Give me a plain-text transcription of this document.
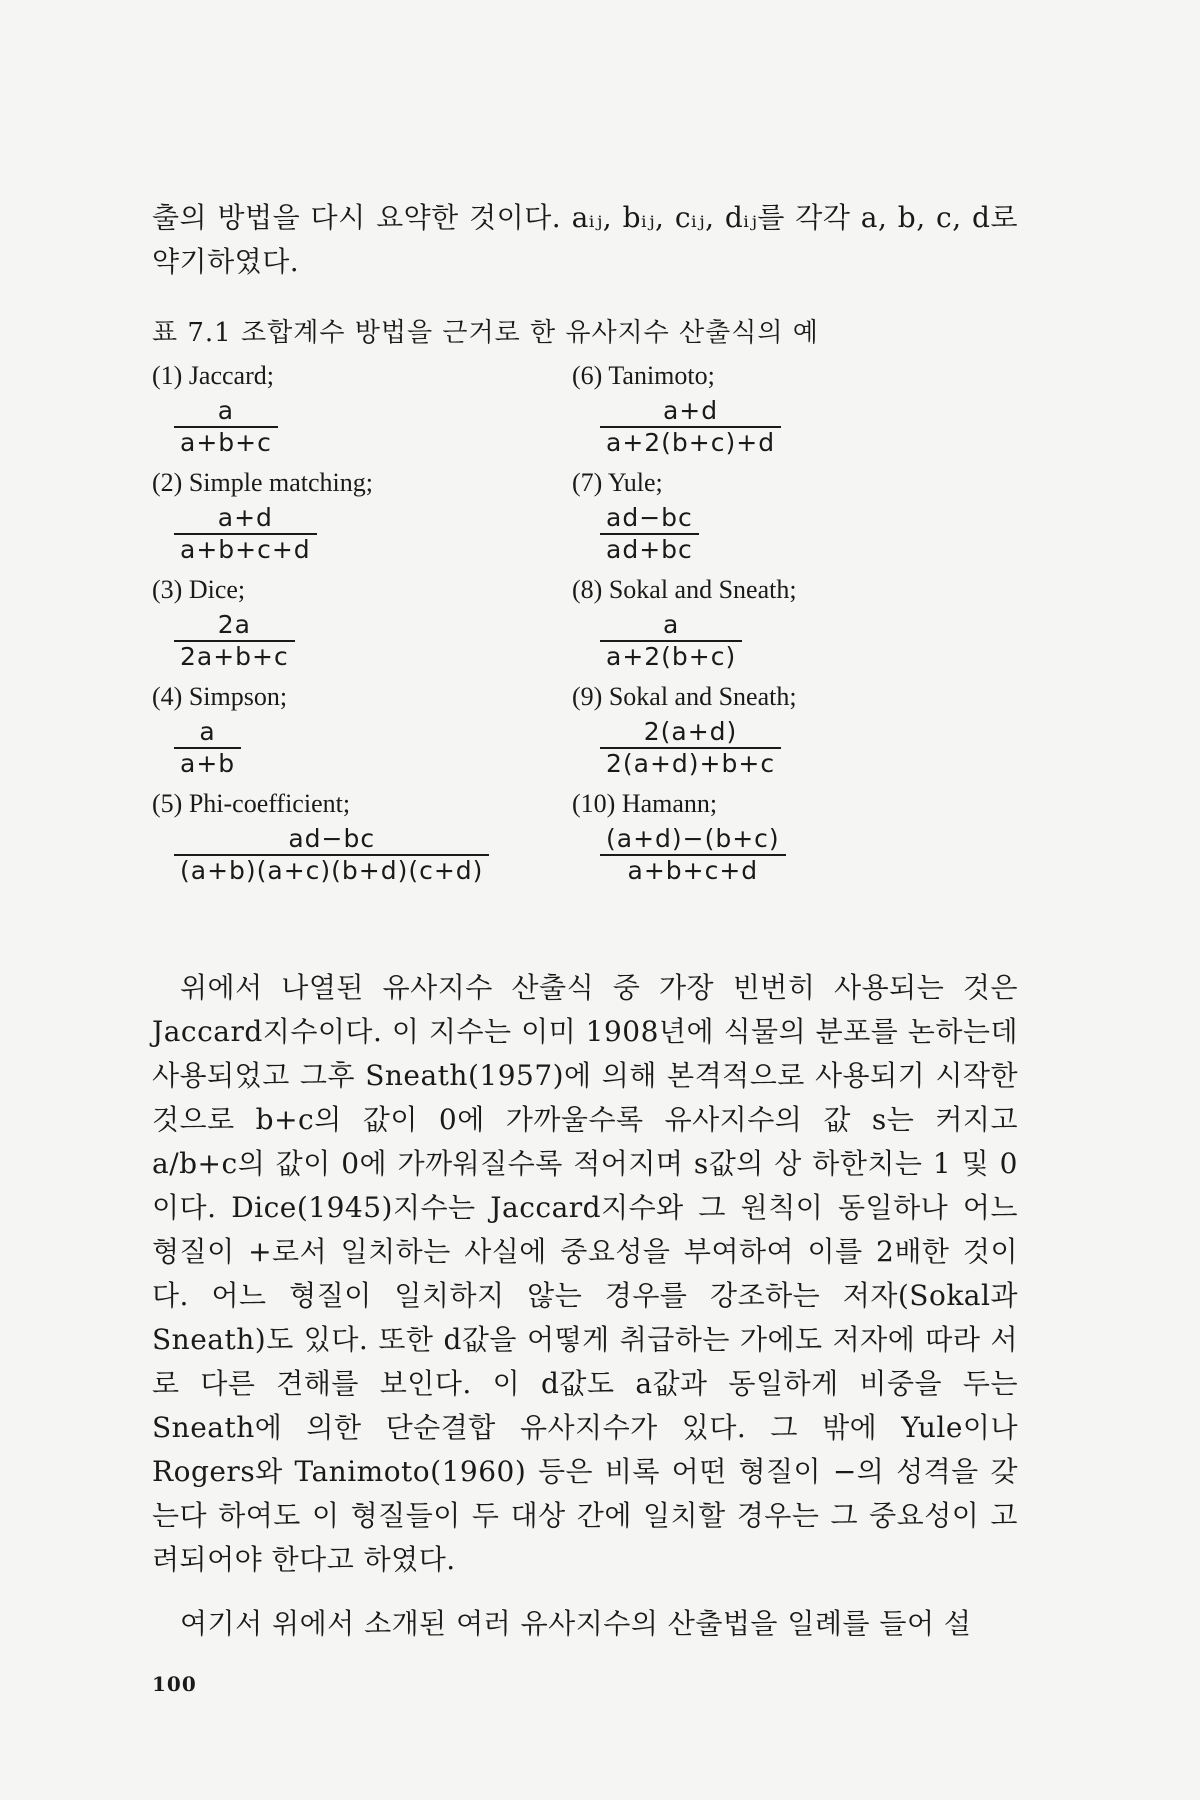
출의 방법을 다시 요약한 것이다. aᵢⱼ, bᵢⱼ, cᵢⱼ, dᵢⱼ를 각각 a, b, c, d로 약기하였다.
표 7.1 조합계수 방법을 근거로 한 유사지수 산출식의 예
(1) Jaccard;
$\frac{a}{a+b+c}$
(2) Simple matching;
$\frac{a+d}{a+b+c+d}$
(3) Dice;
$\frac{2a}{2a+b+c}$
(4) Simpson;
$\frac{a}{a+b}$
(5) Phi-coefficient;
$\frac{ad-bc}{(a+b)(a+c)(b+d)(c+d)}$
(6) Tanimoto;
$\frac{a+d}{a+2(b+c)+d}$
(7) Yule;
$\frac{ad-bc}{ad+bc}$
(8) Sokal and Sneath;
$\frac{a}{a+2(b+c)}$
(9) Sokal and Sneath;
$\frac{2(a+d)}{2(a+d)+b+c}$
(10) Hamann;
$\frac{(a+d)-(b+c)}{a+b+c+d}$
위에서 나열된 유사지수 산출식 중 가장 빈번히 사용되는 것은 Jaccard지수이다. 이 지수는 이미 1908년에 식물의 분포를 논하는데 사용되었고 그후 Sneath(1957)에 의해 본격적으로 사용되기 시작한 것으로 b+c의 값이 0에 가까울수록 유사지수의 값 s는 커지고 a/b+c의 값이 0에 가까워질수록 적어지며 s값의 상 하한치는 1 및 0이다. Dice(1945)지수는 Jaccard지수와 그 원칙이 동일하나 어느 형질이 +로서 일치하는 사실에 중요성을 부여하여 이를 2배한 것이다. 어느 형질이 일치하지 않는 경우를 강조하는 저자(Sokal과 Sneath)도 있다. 또한 d값을 어떻게 취급하는 가에도 저자에 따라 서로 다른 견해를 보인다. 이 d값도 a값과 동일하게 비중을 두는 Sneath에 의한 단순결합 유사지수가 있다. 그 밖에 Yule이나 Rogers와 Tanimoto(1960) 등은 비록 어떤 형질이 −의 성격을 갖는다 하여도 이 형질들이 두 대상 간에 일치할 경우는 그 중요성이 고려되어야 한다고 하였다.
여기서 위에서 소개된 여러 유사지수의 산출법을 일례를 들어 설
100
